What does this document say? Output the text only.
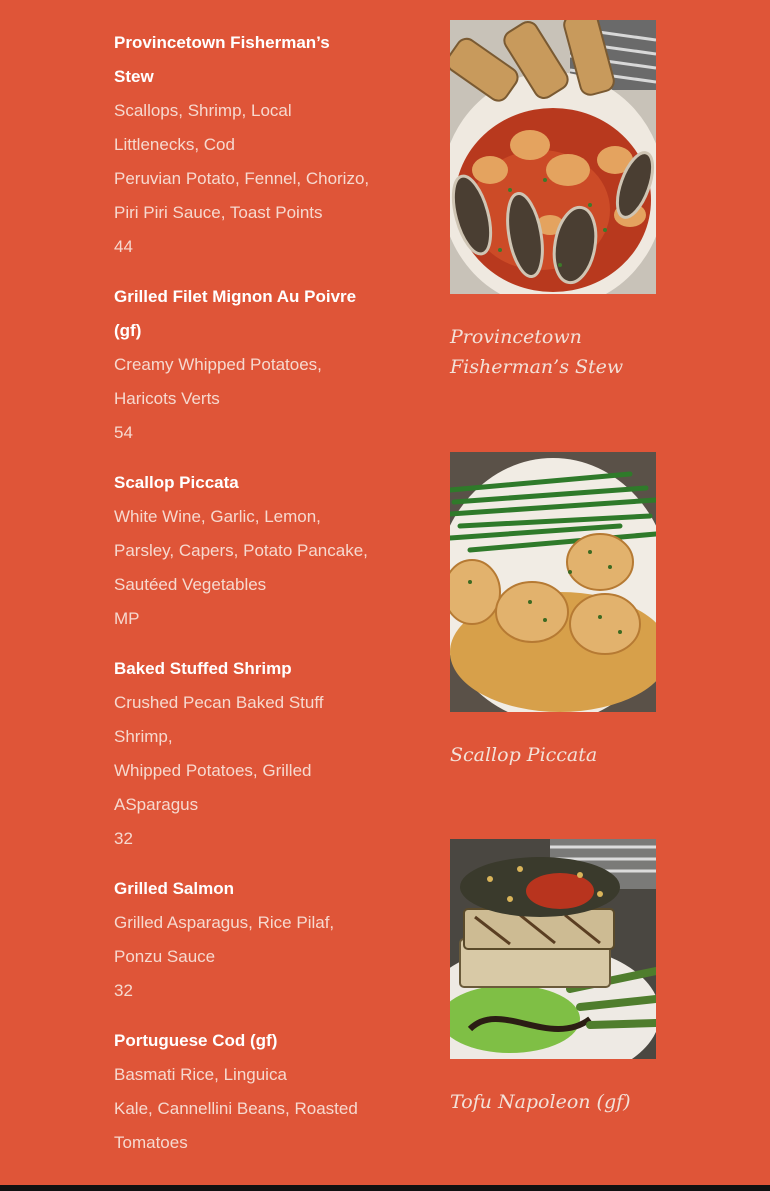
Provincetown Fisherman’s Stew

Scallops, Shrimp, Local Littlenecks, Cod

Peruvian Potato, Fennel, Chorizo, Piri Piri Sauce, Toast Points

44

Grilled Filet Mignon Au Poivre (gf)

Creamy Whipped Potatoes, Haricots Verts

54

Scallop Piccata

White Wine, Garlic, Lemon, Parsley, Capers, Potato Pancake, Sautéed Vegetables

MP

Baked Stuffed Shrimp

Crushed Pecan Baked Stuff Shrimp,

Whipped Potatoes, Grilled ASparagus

32

Grilled Salmon

Grilled Asparagus, Rice Pilaf, Ponzu Sauce

32

Portuguese Cod (gf)

Basmati Rice, Linguica

Kale, Cannellini Beans, Roasted Tomatoes

Provincetown Fisherman’s Stew

Scallop Piccata

Tofu Napoleon (gf)
